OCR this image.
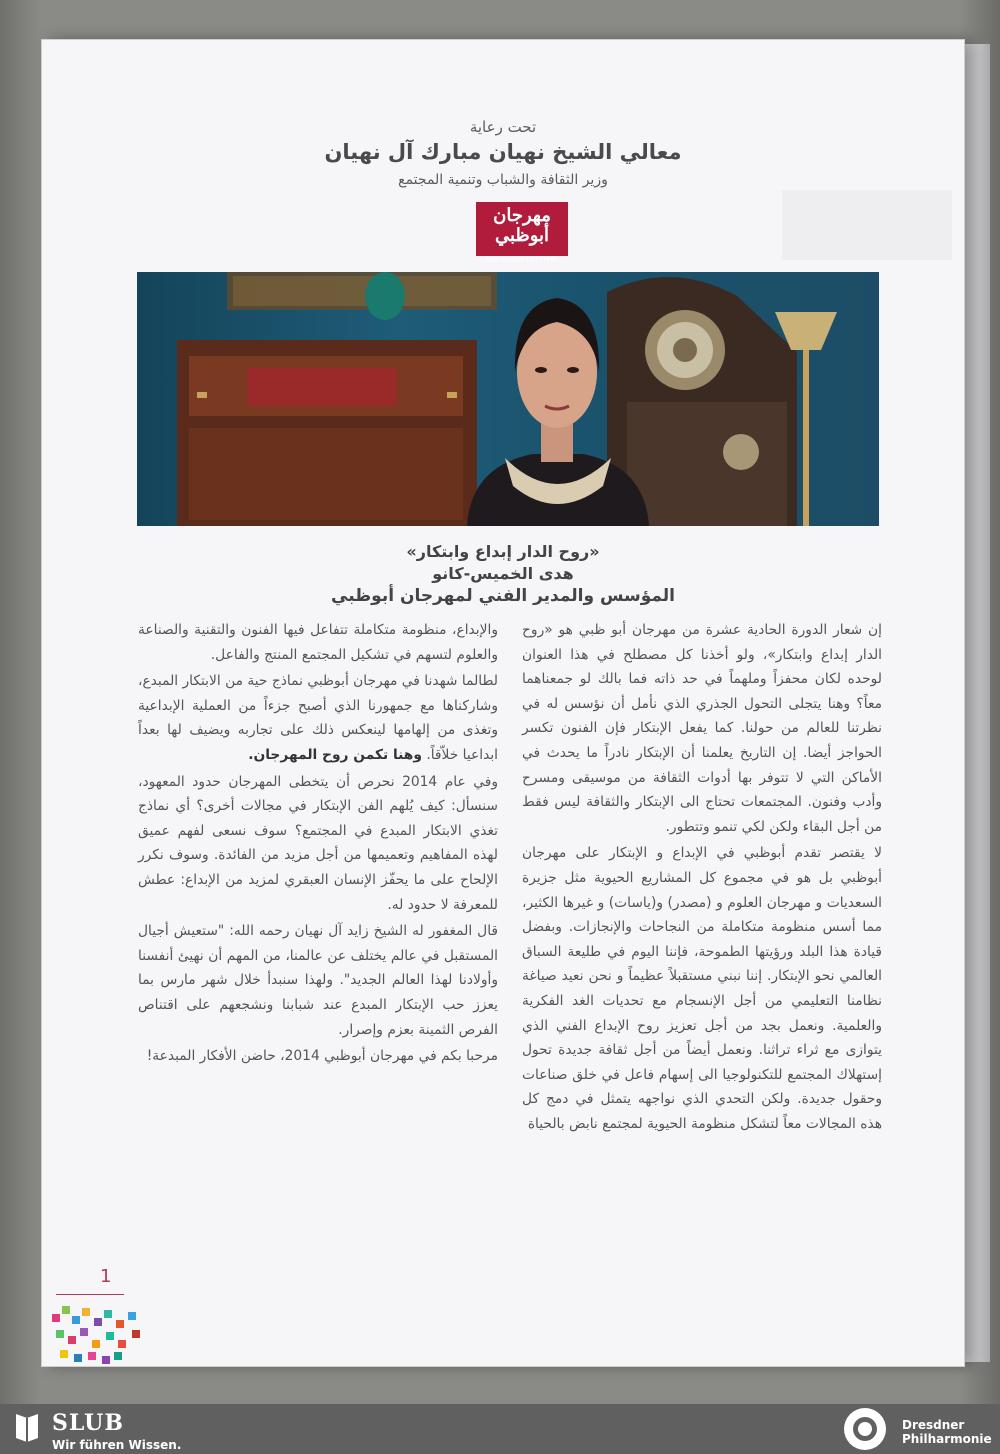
تحت رعاية
معالي الشيخ نهيان مبارك آل نهيان
وزير الثقافة والشباب وتنمية المجتمع
مهرجان أبوظبي
ABU DHABI FESTIVAL
«روح الدار إبداع وابتكار»
هدى الخميس-كانو
المؤسس والمدير الفني لمهرجان أبوظبي

إن شعار الدورة الحادية عشرة من مهرجان أبو ظبي هو «روح الدار إبداع وابتكار»، ولو أخذنا كل مصطلح في هذا العنوان لوحده لكان محفزاً وملهماً في حد ذاته فما بالك لو جمعناهما معاً؟ وهنا يتجلى التحول الجذري الذي نأمل أن نؤسس له في نظرتنا للعالم من حولنا. كما يفعل الإبتكار فإن الفنون تكسر الحواجز أيضا. إن التاريخ يعلمنا أن الإبتكار نادراً ما يحدث في الأماكن التي لا تتوفر بها أدوات الثقافة من موسيقى ومسرح وأدب وفنون. المجتمعات تحتاج الى الإبتكار والثقافة ليس فقط من أجل البقاء ولكن لكي تنمو وتتطور.

لا يقتصر تقدم أبوظبي في الإبداع و الإبتكار على مهرجان أبوظبي بل هو في مجموع كل المشاريع الحيوية مثل جزيرة السعديات و مهرجان العلوم و (مصدر) و(ياسات) و غيرها الكثير، مما أسس منظومة متكاملة من النجاحات والإنجازات. وبفضل قيادة هذا البلد ورؤيتها الطموحة، فإننا اليوم في طليعة السباق العالمي نحو الإبتكار. إننا نبني مستقبلاً عظيماً و نحن نعيد صياغة نظامنا التعليمي من أجل الإنسجام مع تحديات الغد الفكرية والعلمية. ونعمل بجد من أجل تعزيز روح الإبداع الفني الذي يتوازى مع ثراء تراثنا. ونعمل أيضاً من أجل ثقافة جديدة تحول إستهلاك المجتمع للتكنولوجيا الى إسهام فاعل في خلق صناعات وحقول جديدة. ولكن التحدي الذي نواجهه يتمثل في دمج كل هذه المجالات معاً لتشكل منظومة الحيوية لمجتمع نابض بالحياة

والإبداع، منظومة متكاملة تتفاعل فيها الفنون والتقنية والصناعة والعلوم لتسهم في تشكيل المجتمع المنتج والفاعل.

لطالما شهدنا في مهرجان أبوظبي نماذج حية من الابتكار المبدع، وشاركناها مع جمهورنا الذي أصبح جزءاً من العملية الإبداعية وتغذى من إلهامها لينعكس ذلك على تجاربه ويضيف لها بعداً ابداعيا خلاّقاً. وهنا تكمن روح المهرجان.

وفي عام 2014 نحرص أن يتخطى المهرجان حدود المعهود، سنسأل: كيف يُلهم الفن الإبتكار في مجالات أخرى؟ أي نماذج تغذي الابتكار المبدع في المجتمع؟ سوف نسعى لفهم عميق لهذه المفاهيم وتعميمها من أجل مزيد من الفائدة. وسوف نكرر الإلحاح على ما يحفّز الإنسان العبقري لمزيد من الإبداع: عطش للمعرفة لا حدود له.

قال المغفور له الشيخ زايد آل نهيان رحمه الله: "ستعيش أجيال المستقبل في عالم يختلف عن عالمنا، من المهم أن نهيئ أنفسنا وأولادنا لهذا العالم الجديد". ولهذا سنبدأ خلال شهر مارس بما يعزز حب الإبتكار المبدع عند شبابنا ونشجعهم على اقتناص الفرص الثمينة بعزم وإصرار.

مرحبا بكم في مهرجان أبوظبي 2014، حاضن الأفكار المبدعة!

1
SLUB
Wir führen Wissen.
Dresdner
Philharmonie
